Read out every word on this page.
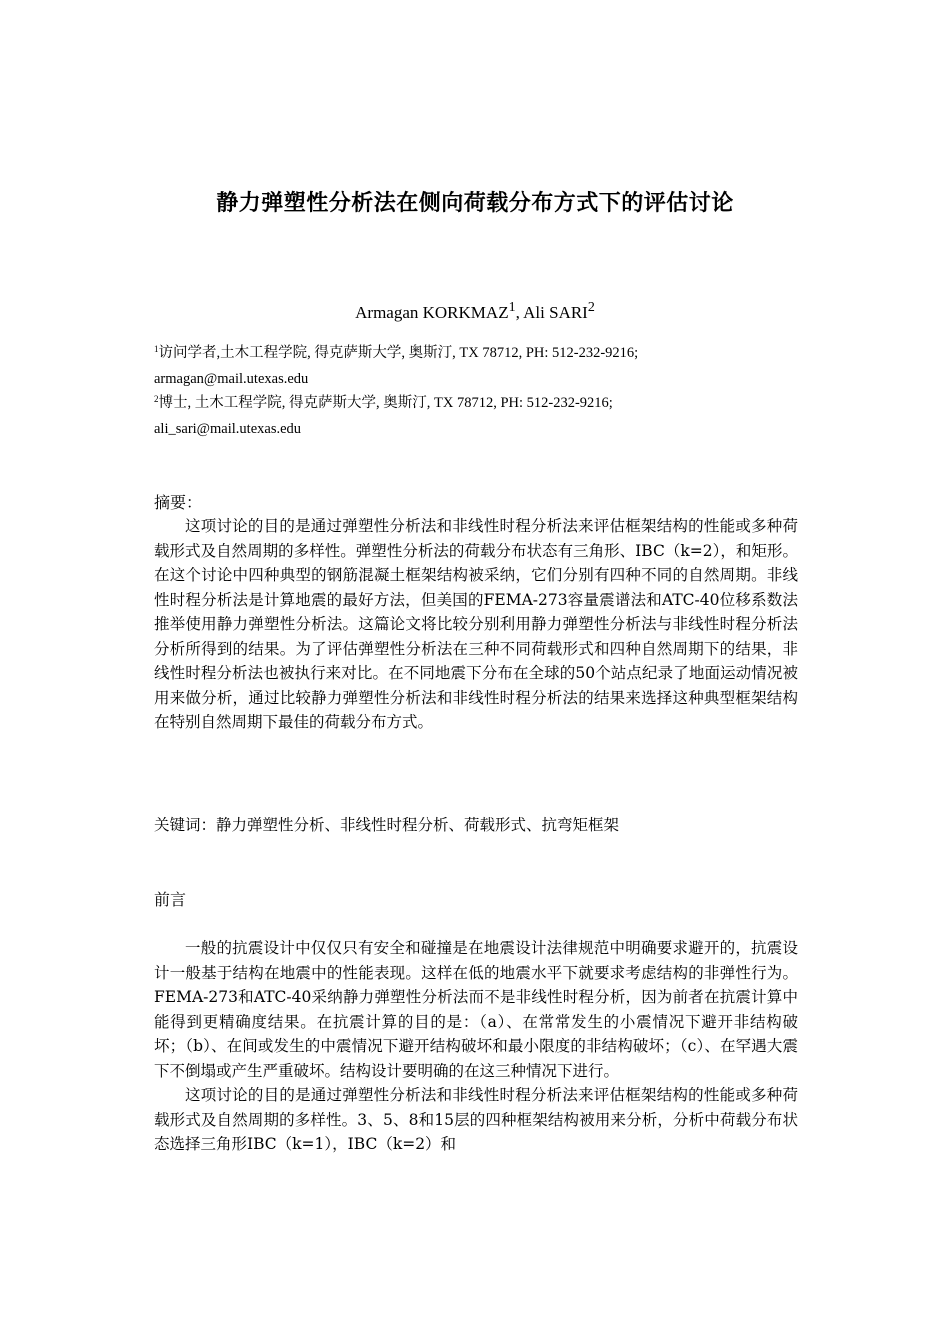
静力弹塑性分析法在侧向荷载分布方式下的评估讨论
Armagan KORKMAZ$^1$, Ali SARI$^2$
$^1$访问学者,土木工程学院, 得克萨斯大学, 奥斯汀, TX 78712, PH: 512-232-9216;
armagan@mail.utexas.edu
$^2$博士, 土木工程学院, 得克萨斯大学, 奥斯汀, TX 78712, PH: 512-232-9216;
ali_sari@mail.utexas.edu
摘要：

这项讨论的目的是通过弹塑性分析法和非线性时程分析法来评估框架结构的性能或多种荷载形式及自然周期的多样性。弹塑性分析法的荷载分布状态有三角形、IBC（k=2），和矩形。在这个讨论中四种典型的钢筋混凝土框架结构被采纳，它们分别有四种不同的自然周期。非线性时程分析法是计算地震的最好方法，但美国的FEMA-273容量震谱法和ATC-40位移系数法推举使用静力弹塑性分析法。这篇论文将比较分别利用静力弹塑性分析法与非线性时程分析法分析所得到的结果。为了评估弹塑性分析法在三种不同荷载形式和四种自然周期下的结果，非线性时程分析法也被执行来对比。在不同地震下分布在全球的50个站点纪录了地面运动情况被用来做分析，通过比较静力弹塑性分析法和非线性时程分析法的结果来选择这种典型框架结构在特别自然周期下最佳的荷载分布方式。

关键词：静力弹塑性分析、非线性时程分析、荷载形式、抗弯矩框架
前言

一般的抗震设计中仅仅只有安全和碰撞是在地震设计法律规范中明确要求避开的，抗震设计一般基于结构在地震中的性能表现。这样在低的地震水平下就要求考虑结构的非弹性行为。FEMA-273和ATC-40采纳静力弹塑性分析法而不是非线性时程分析，因为前者在抗震计算中能得到更精确度结果。在抗震计算的目的是：（a）、在常常发生的小震情况下避开非结构破坏；（b）、在间或发生的中震情况下避开结构破坏和最小限度的非结构破坏；（c）、在罕遇大震下不倒塌或产生严重破坏。结构设计要明确的在这三种情况下进行。

这项讨论的目的是通过弹塑性分析法和非线性时程分析法来评估框架结构的性能或多种荷载形式及自然周期的多样性。3、5、8和15层的四种框架结构被用来分析，分析中荷载分布状态选择三角形IBC（k=1），IBC（k=2）和
